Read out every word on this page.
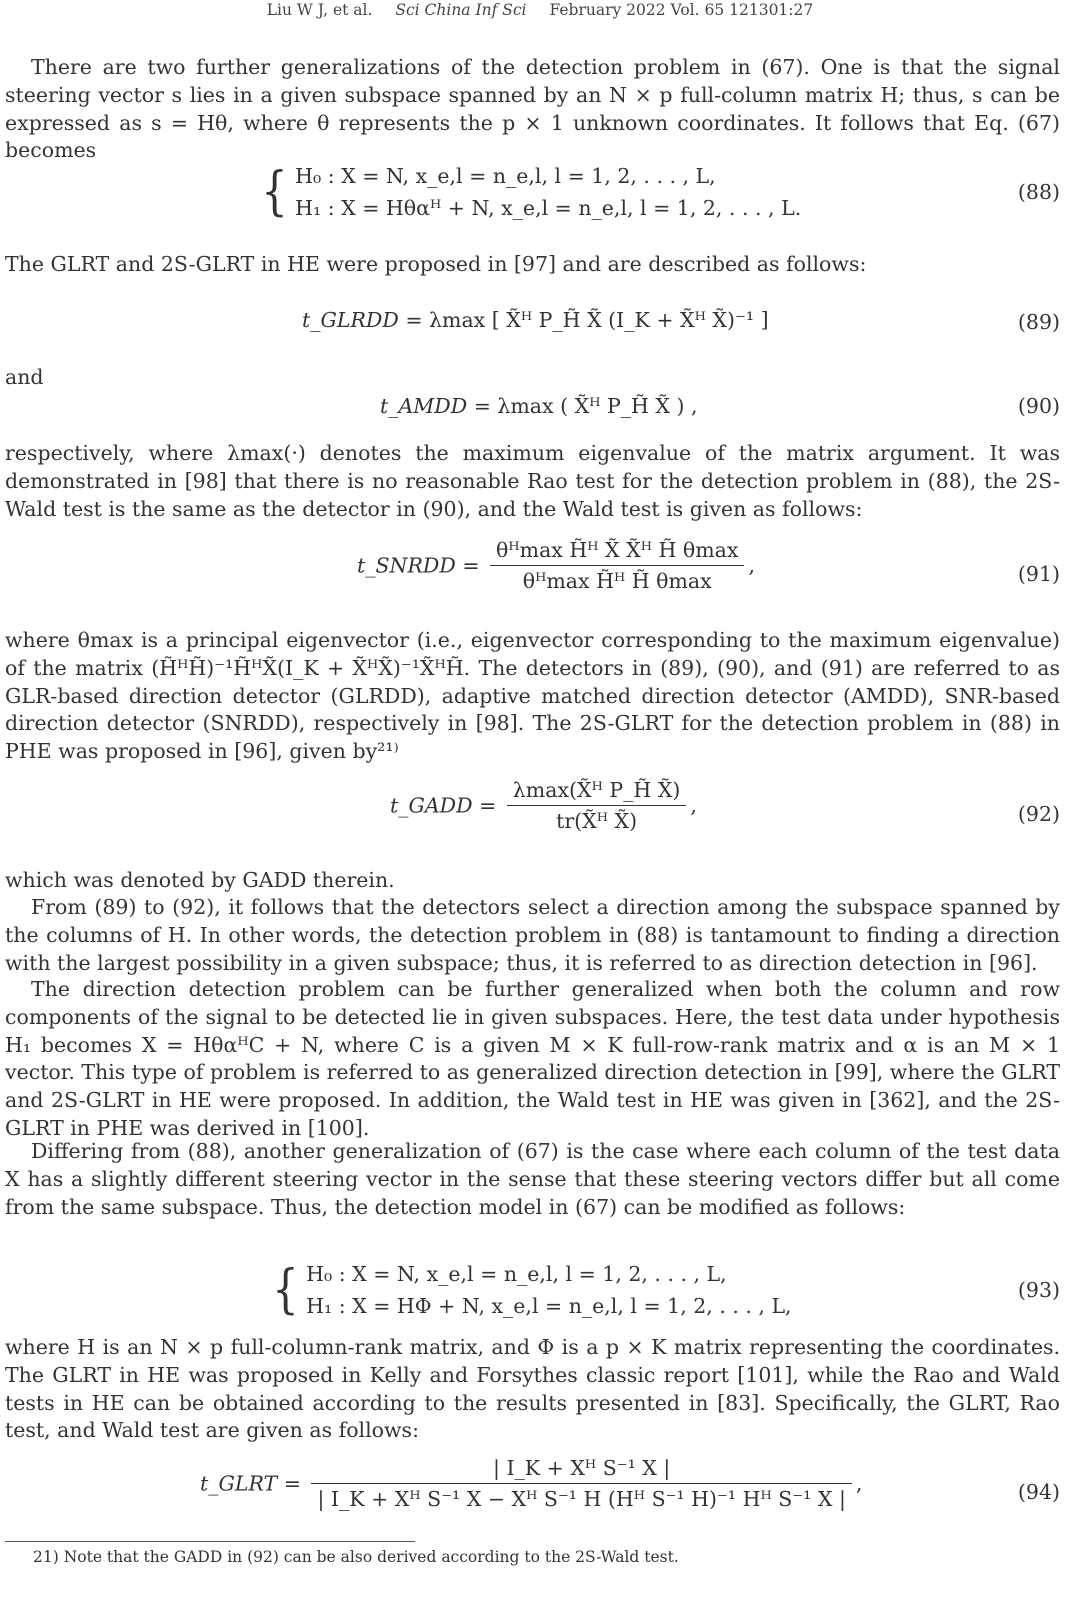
Liu W J, et al. Sci China Inf Sci February 2022 Vol. 65 121301:27

There are two further generalizations of the detection problem in (67). One is that the signal steering vector s lies in a given subspace spanned by an N × p full-column matrix H; thus, s can be expressed as s = Hθ, where θ represents the p × 1 unknown coordinates. It follows that Eq. (67) becomes

{ H₀ : X = N, x_e,l = n_e,l, l = 1, 2, . . . , L,
H₁ : X = Hθαᴴ + N, x_e,l = n_e,l, l = 1, 2, . . . , L.
(88)

The GLRT and 2S-GLRT in HE were proposed in [97] and are described as follows:

t_GLRDD = λmax [ X̃ᴴ P_H̃ X̃ (I_K + X̃ᴴ X̃)⁻¹ ]	(89)

and

t_AMDD = λmax ( X̃ᴴ P_H̃ X̃ ) ,	(90)

respectively, where λmax(·) denotes the maximum eigenvalue of the matrix argument. It was demonstrated in [98] that there is no reasonable Rao test for the detection problem in (88), the 2S-Wald test is the same as the detector in (90), and the Wald test is given as follows:

t_SNRDD = $\frac{\text{θᴴmax H̃ᴴ X̃ X̃ᴴ H̃ θmax}}{\text{θᴴmax H̃ᴴ H̃ θmax}}$ ,	(91)

where θmax is a principal eigenvector (i.e., eigenvector corresponding to the maximum eigenvalue) of the matrix (H̃ᴴH̃)⁻¹H̃ᴴX̃(I_K + X̃ᴴX̃)⁻¹X̃ᴴH̃. The detectors in (89), (90), and (91) are referred to as GLR-based direction detector (GLRDD), adaptive matched direction detector (AMDD), SNR-based direction detector (SNRDD), respectively in [98]. The 2S-GLRT for the detection problem in (88) in PHE was proposed in [96], given by²¹⁾

t_GADD = $\frac{\text{λmax(X̃ᴴ P\_H̃ X̃)}}{\text{tr(X̃ᴴ X̃)}}$ ,	(92)

which was denoted by GADD therein.

From (89) to (92), it follows that the detectors select a direction among the subspace spanned by the columns of H. In other words, the detection problem in (88) is tantamount to finding a direction with the largest possibility in a given subspace; thus, it is referred to as direction detection in [96].

The direction detection problem can be further generalized when both the column and row components of the signal to be detected lie in given subspaces. Here, the test data under hypothesis H₁ becomes X = HθαᴴC + N, where C is a given M × K full-row-rank matrix and α is an M × 1 vector. This type of problem is referred to as generalized direction detection in [99], where the GLRT and 2S-GLRT in HE were proposed. In addition, the Wald test in HE was given in [362], and the 2S-GLRT in PHE was derived in [100].

Differing from (88), another generalization of (67) is the case where each column of the test data X has a slightly different steering vector in the sense that these steering vectors differ but all come from the same subspace. Thus, the detection model in (67) can be modified as follows:

{ H₀ : X = N, x_e,l = n_e,l, l = 1, 2, . . . , L,
H₁ : X = HΦ + N, x_e,l = n_e,l, l = 1, 2, . . . , L,
(93)

where H is an N × p full-column-rank matrix, and Φ is a p × K matrix representing the coordinates. The GLRT in HE was proposed in Kelly and Forsythes classic report [101], while the Rao and Wald tests in HE can be obtained according to the results presented in [83]. Specifically, the GLRT, Rao test, and Wald test are given as follows:

t_GLRT = $\frac{\text{| I\_K + Xᴴ S⁻¹ X |}}{\text{| I\_K + Xᴴ S⁻¹ X − Xᴴ S⁻¹ H (Hᴴ S⁻¹ H)⁻¹ Hᴴ S⁻¹ X |}}$ ,	(94)
21) Note that the GADD in (92) can be also derived according to the 2S-Wald test.
